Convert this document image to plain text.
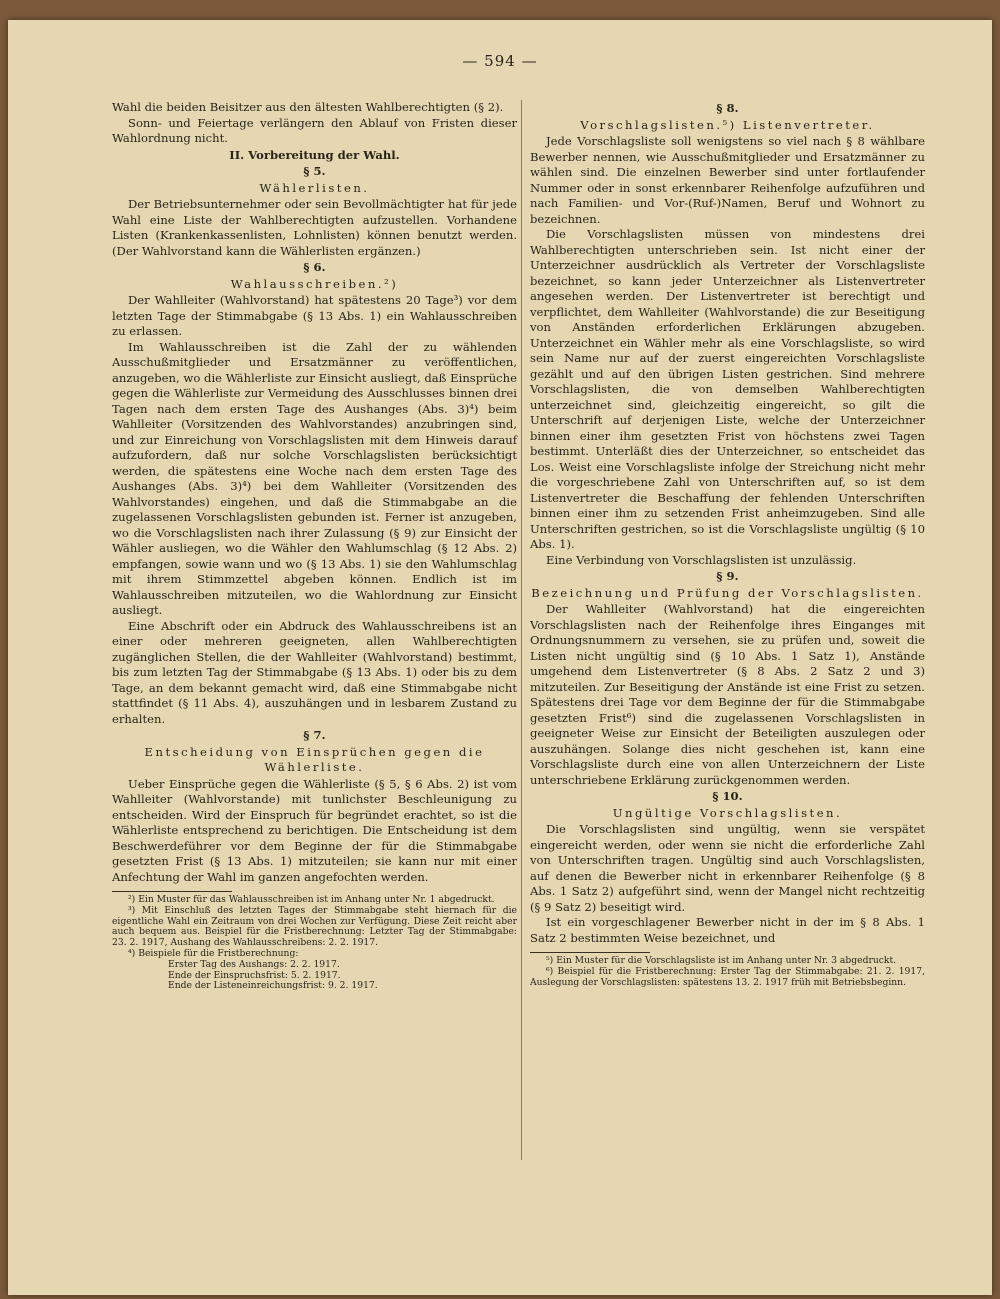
— 594 —

Wahl die beiden Beisitzer aus den ältesten Wahlberechtigten (§ 2).

Sonn- und Feiertage verlängern den Ablauf von Fristen dieser Wahlordnung nicht.

II. Vorbereitung der Wahl.
§ 5.
Wählerlisten.

Der Betriebsunternehmer oder sein Bevollmächtigter hat für jede Wahl eine Liste der Wahlberechtigten aufzustellen. Vorhandene Listen (Krankenkassenlisten, Lohnlisten) können benutzt werden. (Der Wahlvorstand kann die Wählerlisten ergänzen.)

§ 6.
Wahlausschreiben.²)

Der Wahlleiter (Wahlvorstand) hat spätestens 20 Tage³) vor dem letzten Tage der Stimmabgabe (§ 13 Abs. 1) ein Wahlausschreiben zu erlassen.

Im Wahlausschreiben ist die Zahl der zu wählenden Ausschußmitglieder und Ersatzmänner zu veröffentlichen, anzugeben, wo die Wählerliste zur Einsicht ausliegt, daß Einsprüche gegen die Wählerliste zur Vermeidung des Ausschlusses binnen drei Tagen nach dem ersten Tage des Aushanges (Abs. 3)⁴) beim Wahlleiter (Vorsitzenden des Wahlvorstandes) anzubringen sind, und zur Einreichung von Vorschlagslisten mit dem Hinweis darauf aufzufordern, daß nur solche Vorschlagslisten berücksichtigt werden, die spätestens eine Woche nach dem ersten Tage des Aushanges (Abs. 3)⁴) bei dem Wahlleiter (Vorsitzenden des Wahlvorstandes) eingehen, und daß die Stimmabgabe an die zugelassenen Vorschlagslisten gebunden ist. Ferner ist anzugeben, wo die Vorschlagslisten nach ihrer Zulassung (§ 9) zur Einsicht der Wähler ausliegen, wo die Wähler den Wahlumschlag (§ 12 Abs. 2) empfangen, sowie wann und wo (§ 13 Abs. 1) sie den Wahlumschlag mit ihrem Stimmzettel abgeben können. Endlich ist im Wahlausschreiben mitzuteilen, wo die Wahlordnung zur Einsicht ausliegt.

Eine Abschrift oder ein Abdruck des Wahlausschreibens ist an einer oder mehreren geeigneten, allen Wahlberechtigten zugänglichen Stellen, die der Wahlleiter (Wahlvorstand) bestimmt, bis zum letzten Tag der Stimmabgabe (§ 13 Abs. 1) oder bis zu dem Tage, an dem bekannt gemacht wird, daß eine Stimmabgabe nicht stattfindet (§ 11 Abs. 4), auszuhängen und in lesbarem Zustand zu erhalten.

§ 7.
Entscheidung von Einsprüchen gegen die Wählerliste.

Ueber Einsprüche gegen die Wählerliste (§ 5, § 6 Abs. 2) ist vom Wahlleiter (Wahlvorstande) mit tunlichster Beschleunigung zu entscheiden. Wird der Einspruch für begründet erachtet, so ist die Wählerliste entsprechend zu berichtigen. Die Entscheidung ist dem Beschwerdeführer vor dem Beginne der für die Stimmabgabe gesetzten Frist (§ 13 Abs. 1) mitzuteilen; sie kann nur mit einer Anfechtung der Wahl im ganzen angefochten werden.

²) Ein Muster für das Wahlausschreiben ist im Anhang unter Nr. 1 abgedruckt.

³) Mit Einschluß des letzten Tages der Stimmabgabe steht hiernach für die eigentliche Wahl ein Zeitraum von drei Wochen zur Verfügung. Diese Zeit reicht aber auch bequem aus. Beispiel für die Fristberechnung: Letzter Tag der Stimmabgabe: 23. 2. 1917, Aushang des Wahlausschreibens: 2. 2. 1917.

⁴) Beispiele für die Fristberechnung:

Erster Tag des Aushangs: 2. 2. 1917.

Ende der Einspruchsfrist: 5. 2. 1917.

Ende der Listeneinreichungsfrist: 9. 2. 1917.

§ 8.
Vorschlagslisten.⁵) Listenvertreter.

Jede Vorschlagsliste soll wenigstens so viel nach § 8 wählbare Bewerber nennen, wie Ausschußmitglieder und Ersatzmänner zu wählen sind. Die einzelnen Bewerber sind unter fortlaufender Nummer oder in sonst erkennbarer Reihenfolge aufzuführen und nach Familien- und Vor-(Ruf-)Namen, Beruf und Wohnort zu bezeichnen.

Die Vorschlagslisten müssen von mindestens drei Wahlberechtigten unterschrieben sein. Ist nicht einer der Unterzeichner ausdrücklich als Vertreter der Vorschlagsliste bezeichnet, so kann jeder Unterzeichner als Listenvertreter angesehen werden. Der Listenvertreter ist berechtigt und verpflichtet, dem Wahlleiter (Wahlvorstande) die zur Beseitigung von Anständen erforderlichen Erklärungen abzugeben. Unterzeichnet ein Wähler mehr als eine Vorschlagsliste, so wird sein Name nur auf der zuerst eingereichten Vorschlagsliste gezählt und auf den übrigen Listen gestrichen. Sind mehrere Vorschlagslisten, die von demselben Wahlberechtigten unterzeichnet sind, gleichzeitig eingereicht, so gilt die Unterschrift auf derjenigen Liste, welche der Unterzeichner binnen einer ihm gesetzten Frist von höchstens zwei Tagen bestimmt. Unterläßt dies der Unterzeichner, so entscheidet das Los. Weist eine Vorschlagsliste infolge der Streichung nicht mehr die vorgeschriebene Zahl von Unterschriften auf, so ist dem Listenvertreter die Beschaffung der fehlenden Unterschriften binnen einer ihm zu setzenden Frist anheimzugeben. Sind alle Unterschriften gestrichen, so ist die Vorschlagsliste ungültig (§ 10 Abs. 1).

Eine Verbindung von Vorschlagslisten ist unzulässig.

§ 9.
Bezeichnung und Prüfung der Vorschlagslisten.

Der Wahlleiter (Wahlvorstand) hat die eingereichten Vorschlagslisten nach der Reihenfolge ihres Einganges mit Ordnungsnummern zu versehen, sie zu prüfen und, soweit die Listen nicht ungültig sind (§ 10 Abs. 1 Satz 1), Anstände umgehend dem Listenvertreter (§ 8 Abs. 2 Satz 2 und 3) mitzuteilen. Zur Beseitigung der Anstände ist eine Frist zu setzen. Spätestens drei Tage vor dem Beginne der für die Stimmabgabe gesetzten Frist⁶) sind die zugelassenen Vorschlagslisten in geeigneter Weise zur Einsicht der Beteiligten auszulegen oder auszuhängen. Solange dies nicht geschehen ist, kann eine Vorschlagsliste durch eine von allen Unterzeichnern der Liste unterschriebene Erklärung zurückgenommen werden.

§ 10.
Ungültige Vorschlagslisten.

Die Vorschlagslisten sind ungültig, wenn sie verspätet eingereicht werden, oder wenn sie nicht die erforderliche Zahl von Unterschriften tragen. Ungültig sind auch Vorschlagslisten, auf denen die Bewerber nicht in erkennbarer Reihenfolge (§ 8 Abs. 1 Satz 2) aufgeführt sind, wenn der Mangel nicht rechtzeitig (§ 9 Satz 2) beseitigt wird.

Ist ein vorgeschlagener Bewerber nicht in der im § 8 Abs. 1 Satz 2 bestimmten Weise bezeichnet, und

⁵) Ein Muster für die Vorschlagsliste ist im Anhang unter Nr. 3 abgedruckt.

⁶) Beispiel für die Fristberechnung: Erster Tag der Stimmabgabe: 21. 2. 1917, Auslegung der Vorschlagslisten: spätestens 13. 2. 1917 früh mit Betriebsbeginn.
